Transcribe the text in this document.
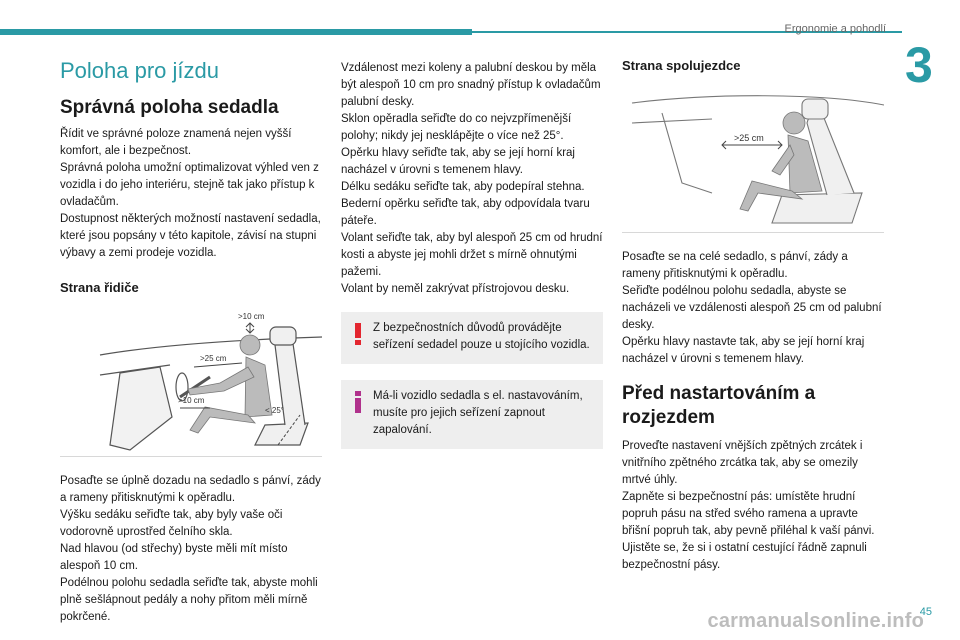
Ergonomie a pohodlí
3
Poloha pro jízdu
Správná poloha sedadla
Řídit ve správné poloze znamená nejen vyšší komfort, ale i bezpečnost.
Správná poloha umožní optimalizovat výhled ven z vozidla i do jeho interiéru, stejně tak jako přístup k ovladačům.
Dostupnost některých možností nastavení sedadla, které jsou popsány v této kapitole, závisí na stupni výbavy a zemi prodeje vozidla.
Strana řidiče
>10 cm
>25 cm
>10 cm
< 25°
Posaďte se úplně dozadu na sedadlo s pánví, zády a rameny přitisknutými k opěradlu.
Výšku sedáku seřiďte tak, aby byly vaše oči vodorovně uprostřed čelního skla.
Nad hlavou (od střechy) byste měli mít místo alespoň 10 cm.
Podélnou polohu sedadla seřiďte tak, abyste mohli plně sešlápnout pedály a nohy přitom měli mírně pokrčené.
Vzdálenost mezi koleny a palubní deskou by měla být alespoň 10 cm pro snadný přístup k ovladačům palubní desky.
Sklon opěradla seřiďte do co nejvzpřímenější polohy; nikdy jej nesklápějte o více než 25°.
Opěrku hlavy seřiďte tak, aby se její horní kraj nacházel v úrovni s temenem hlavy.
Délku sedáku seřiďte tak, aby podepíral stehna.
Bederní opěrku seřiďte tak, aby odpovídala tvaru páteře.
Volant seřiďte tak, aby byl alespoň 25 cm od hrudní kosti a abyste jej mohli držet s mírně ohnutými pažemi.
Volant by neměl zakrývat přístrojovou desku.
Z bezpečnostních důvodů provádějte seřízení sedadel pouze u stojícího vozidla.
Má-li vozidlo sedadla s el. nastavováním, musíte pro jejich seřízení zapnout zapalování.
Strana spolujezdce
>25 cm
Posaďte se na celé sedadlo, s pánví, zády a rameny přitisknutými k opěradlu.
Seřiďte podélnou polohu sedadla, abyste se nacházeli ve vzdálenosti alespoň 25 cm od palubní desky.
Opěrku hlavy nastavte tak, aby se její horní kraj nacházel v úrovni s temenem hlavy.
Před nastartováním a rozjezdem
Proveďte nastavení vnějších zpětných zrcátek i vnitřního zpětného zrcátka tak, aby se omezily mrtvé úhly.
Zapněte si bezpečnostní pás: umístěte hrudní popruh pásu na střed svého ramena a upravte břišní popruh tak, aby pevně přiléhal k vaší pánvi.
Ujistěte se, že si i ostatní cestující řádně zapnuli bezpečnostní pásy.
carmanualsonline.info
45
